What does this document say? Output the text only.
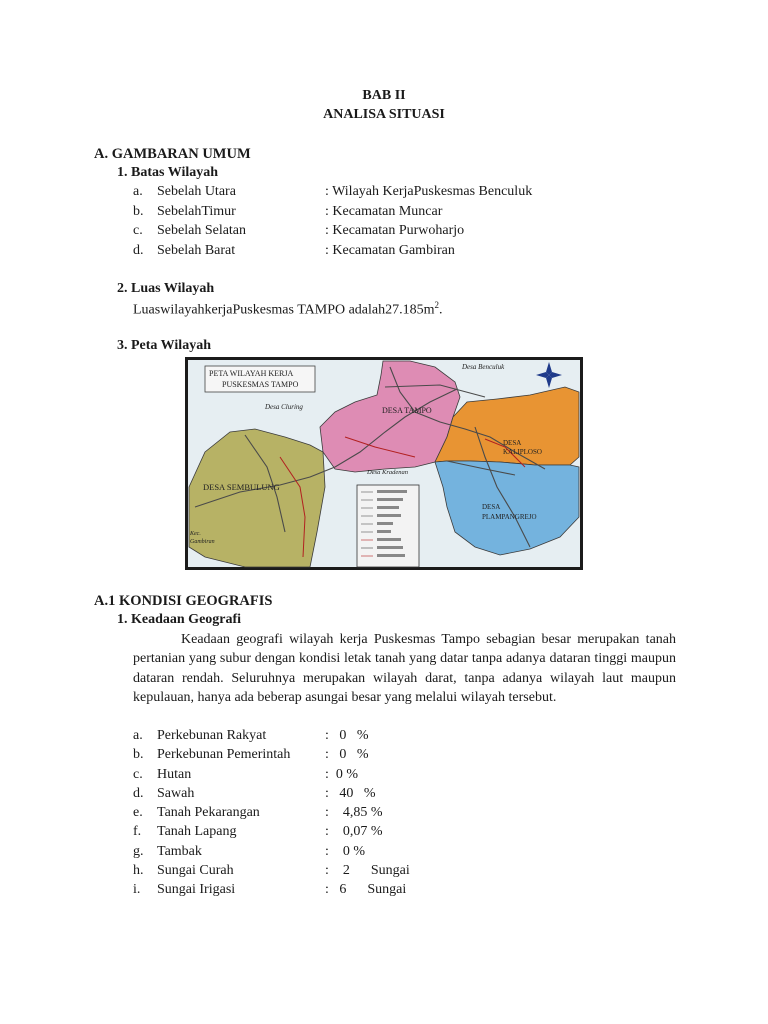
BAB II
ANALISA SITUASI
A. GAMBARAN UMUM
1. Batas Wilayah
a. Sebelah Utara	: Wilayah KerjaPuskesmas Benculuk
b. SebelahTimur	: Kecamatan Muncar
c. Sebelah Selatan	: Kecamatan Purwoharjo
d. Sebelah Barat	: Kecamatan Gambiran
2. Luas Wilayah
LuaswilayahkerjaPuskesmas TAMPO $adalah27.185m^2$.
3. Peta Wilayah
PETA WILAYAH KERJA
PUSKESMAS TAMPO
Desa Benculuk
Desa Cluring	DESA TAMPO
DESA
KALIPLOSO
Desa Kradenan
DESA SEMBULUNG
DESA
PLAMPANGREJO
Kec.
Gambiran
A.1 KONDISI GEOGRAFIS
1. Keadaan Geografi
Keadaan geografi wilayah kerja Puskesmas Tampo sebagian besar merupakan tanah pertanian yang subur dengan kondisi letak tanah yang datar tanpa adanya dataran tinggi maupun dataran rendah. Seluruhnya merupakan wilayah darat, tanpa adanya wilayah laut maupun kepulauan, hanya ada beberap asungai besar yang melalui wilayah tersebut.
a. Perkebunan Rakyat	:   0   %
b. Perkebunan Pemerintah :   0   %
c. Hutan	:  0 %
d. Sawah	:   40   %
e. Tanah Pekarangan	:    4,85 %
f. Tanah Lapang	:    0,07 %
g. Tambak	:    0 %
h. Sungai Curah	:    2      Sungai
i. Sungai Irigasi	:   6      Sungai
